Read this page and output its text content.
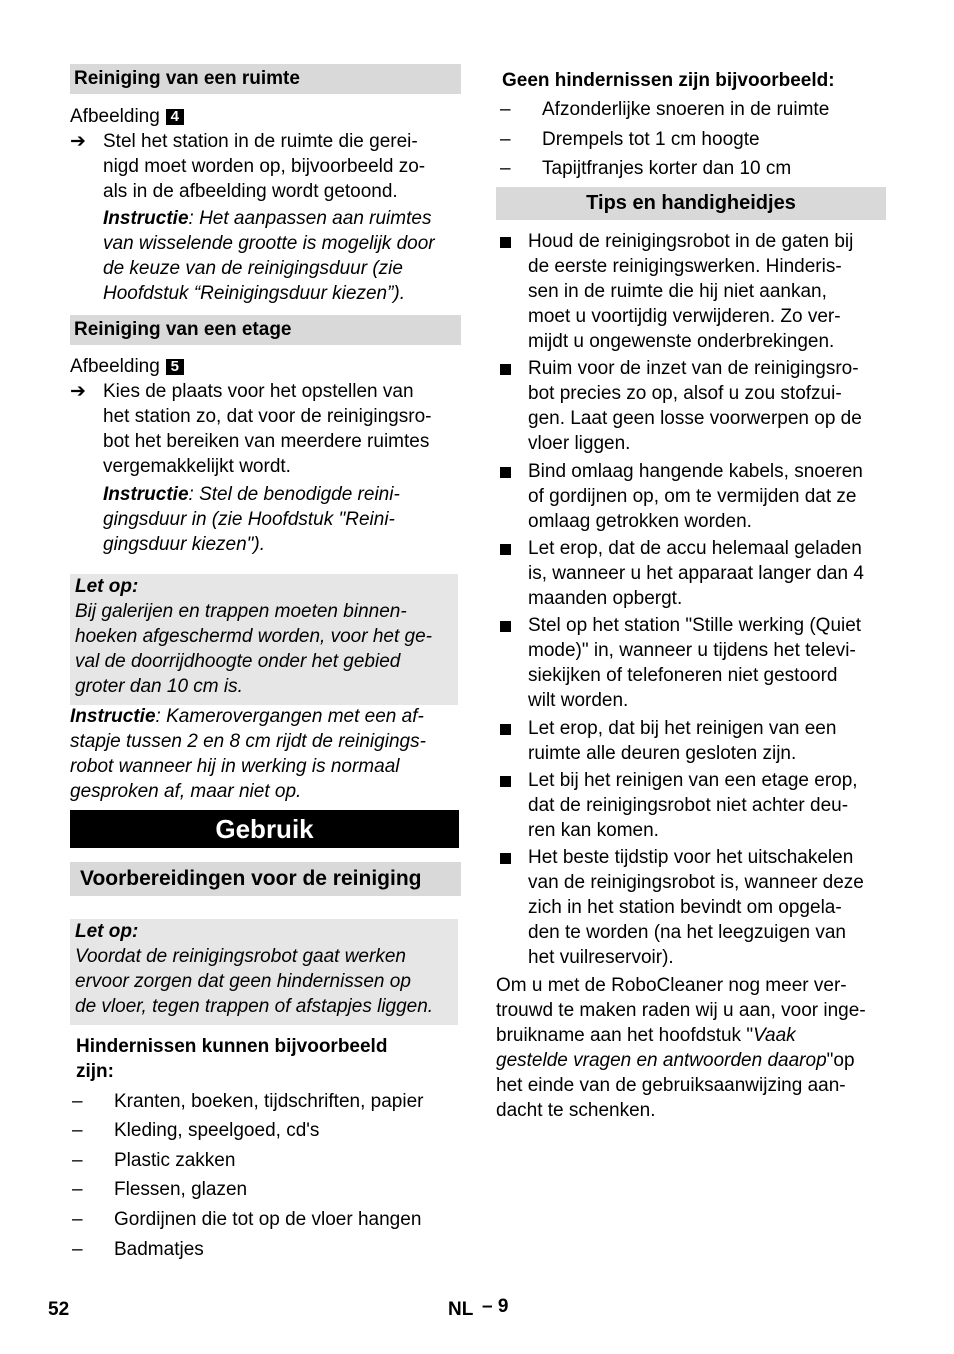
Reiniging van een ruimte
Afbeelding 4
➔ Stel het station in de ruimte die gerei-
nigd moet worden op, bijvoorbeeld zo-
als in de afbeelding wordt getoond.
Instructie: Het aanpassen aan ruimtes
van wisselende grootte is mogelijk door
de keuze van de reinigingsduur (zie
Hoofdstuk “Reinigingsduur kiezen”).
Reiniging van een etage
Afbeelding 5
➔ Kies de plaats voor het opstellen van
het station zo, dat voor de reinigingsro-
bot het bereiken van meerdere ruimtes
vergemakkelijkt wordt.
Instructie: Stel de benodigde reini-
gingsduur in (zie Hoofdstuk "Reini-
gingsduur kiezen").
Let op:
Bij galerijen en trappen moeten binnen-
hoeken afgeschermd worden, voor het ge-
val de doorrijdhoogte onder het gebied
groter dan 10 cm is.
Instructie: Kamerovergangen met een af-
stapje tussen 2 en 8 cm rijdt de reinigings-
robot wanneer hij in werking is normaal
gesproken af, maar niet op.
Gebruik
Voorbereidingen voor de reiniging
Let op:
Voordat de reinigingsrobot gaat werken
ervoor zorgen dat geen hindernissen op
de vloer, tegen trappen of afstapjes liggen.
Hindernissen kunnen bijvoorbeeld
zijn:
– Kranten, boeken, tijdschriften, papier
– Kleding, speelgoed, cd's
– Plastic zakken
– Flessen, glazen
– Gordijnen die tot op de vloer hangen
– Badmatjes
Geen hindernissen zijn bijvoorbeeld:
– Afzonderlijke snoeren in de ruimte
– Drempels tot 1 cm hoogte
– Tapijtfranjes korter dan 10 cm
Tips en handigheidjes
Houd de reinigingsrobot in de gaten bij
de eerste reinigingswerken. Hinderis-
sen in de ruimte die hij niet aankan,
moet u voortijdig verwijderen. Zo ver-
mijdt u ongewenste onderbrekingen.
Ruim voor de inzet van de reinigingsro-
bot precies zo op, alsof u zou stofzui-
gen. Laat geen losse voorwerpen op de
vloer liggen.
Bind omlaag hangende kabels, snoeren
of gordijnen op, om te vermijden dat ze
omlaag getrokken worden.
Let erop, dat de accu helemaal geladen
is, wanneer u het apparaat langer dan 4
maanden opbergt.
Stel op het station "Stille werking (Quiet
mode)" in, wanneer u tijdens het televi-
siekijken of telefoneren niet gestoord
wilt worden.
Let erop, dat bij het reinigen van een
ruimte alle deuren gesloten zijn.
Let bij het reinigen van een etage erop,
dat de reinigingsrobot niet achter deu-
ren kan komen.
Het beste tijdstip voor het uitschakelen
van de reinigingsrobot is, wanneer deze
zich in het station bevindt om opgela-
den te worden (na het leegzuigen van
het vuilreservoir).
Om u met de RoboCleaner nog meer ver-
trouwd te maken raden wij u aan, voor inge-
bruikname aan het hoofdstuk "Vaak
gestelde vragen en antwoorden daarop"op
het einde van de gebruiksaanwijzing aan-
dacht te schenken.
52	NL – 9
